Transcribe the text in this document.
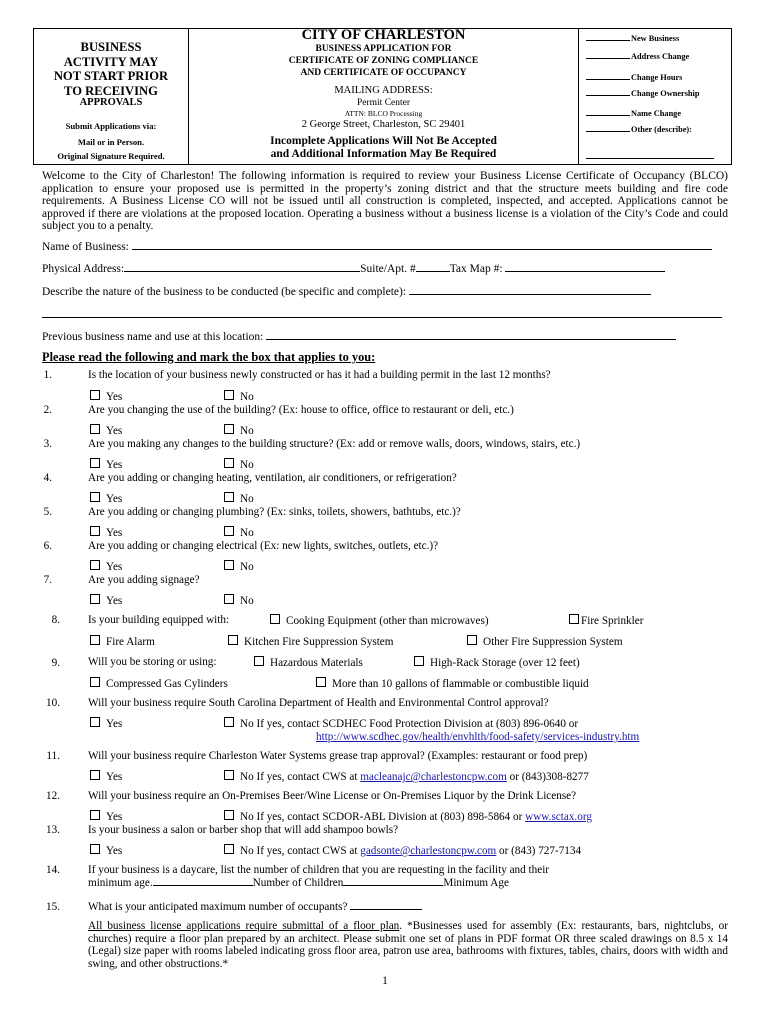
BUSINESS
ACTIVITY MAY
NOT START PRIOR
TO RECEIVING
APPROVALS
Submit Applications via:
Mail or in Person.
Original Signature Required.
CITY OF CHARLESTON
BUSINESS APPLICATION FOR
CERTIFICATE OF ZONING COMPLIANCE
AND CERTIFICATE OF OCCUPANCY
MAILING ADDRESS:
Permit Center
ATTN: BLCO Processing
2 George Street, Charleston, SC 29401
Incomplete Applications Will Not Be Accepted
and Additional Information May Be Required
New Business
Address Change
Change Hours
Change Ownership
Name Change
Other (describe):
Welcome to the City of Charleston! The following information is required to review your Business License Certificate of Occupancy (BLCO) application to ensure your proposed use is permitted in the property’s zoning district and that the structure meets building and fire code requirements. A Business License CO will not be issued until all construction is completed, inspected, and accepted. Applications cannot be approved if there are violations at the proposed location. Operating a business without a business license is a violation of the City’s Code and could subject you to a penalty.
Name of Business:
Physical Address:	Suite/Apt. #	Tax Map #:
Describe the nature of the business to be conducted (be specific and complete):
Previous business name and use at this location:
Please read the following and mark the box that applies to you:
1.	Is the location of your business newly constructed or has it had a building permit in the last 12 months?
Yes	No
2.	Are you changing the use of the building? (Ex: house to office, office to restaurant or deli, etc.)
Yes	No
3.	Are you making any changes to the building structure? (Ex: add or remove walls, doors, windows, stairs, etc.)
Yes	No
4.	Are you adding or changing heating, ventilation, air conditioners, or refrigeration?
Yes	No
5.	Are you adding or changing plumbing? (Ex: sinks, toilets, showers, bathtubs, etc.)?
Yes	No
6.	Are you adding or changing electrical (Ex: new lights, switches, outlets, etc.)?
Yes	No
7.	Are you adding signage?
Yes	No
8.	Is your building equipped with:	Cooking Equipment (other than microwaves)	Fire Sprinkler
Fire Alarm	Kitchen Fire Suppression System	Other Fire Suppression System
9.	Will you be storing or using:	Hazardous Materials	High-Rack Storage (over 12 feet)
Compressed Gas Cylinders	More than 10 gallons of flammable or combustible liquid
10.	Will your business require South Carolina Department of Health and Environmental Control approval?
Yes	No If yes, contact SCDHEC Food Protection Division at (803) 896-0640 or
http://www.scdhec.gov/health/envhlth/food-safety/services-industry.htm
11.	Will your business require Charleston Water Systems grease trap approval? (Examples: restaurant or food prep)
Yes	No If yes, contact CWS at macleanajc@charlestoncpw.com or (843)308-8277
12.	Will your business require an On-Premises Beer/Wine License or On-Premises Liquor by the Drink License?
Yes	No If yes, contact SCDOR-ABL Division at (803) 898-5864 or www.sctax.org
13.	Is your business a salon or barber shop that will add shampoo bowls?
Yes	No If yes, contact CWS at gadsonte@charlestoncpw.com or (843) 727-7134
14.	If your business is a daycare, list the number of children that you are requesting in the facility and their
minimum age.	Number of Children	Minimum Age
15.	What is your anticipated maximum number of occupants?
All business license applications require submittal of a floor plan. *Businesses used for assembly (Ex: restaurants, bars, nightclubs, or churches) require a floor plan prepared by an architect. Please submit one set of plans in PDF format OR three scaled drawings on 8.5 x 14 (Legal) size paper with rooms labeled indicating gross floor area, patron use area, bathrooms with fixtures, tables, chairs, doors with width and swing, and other obstructions.*
1
